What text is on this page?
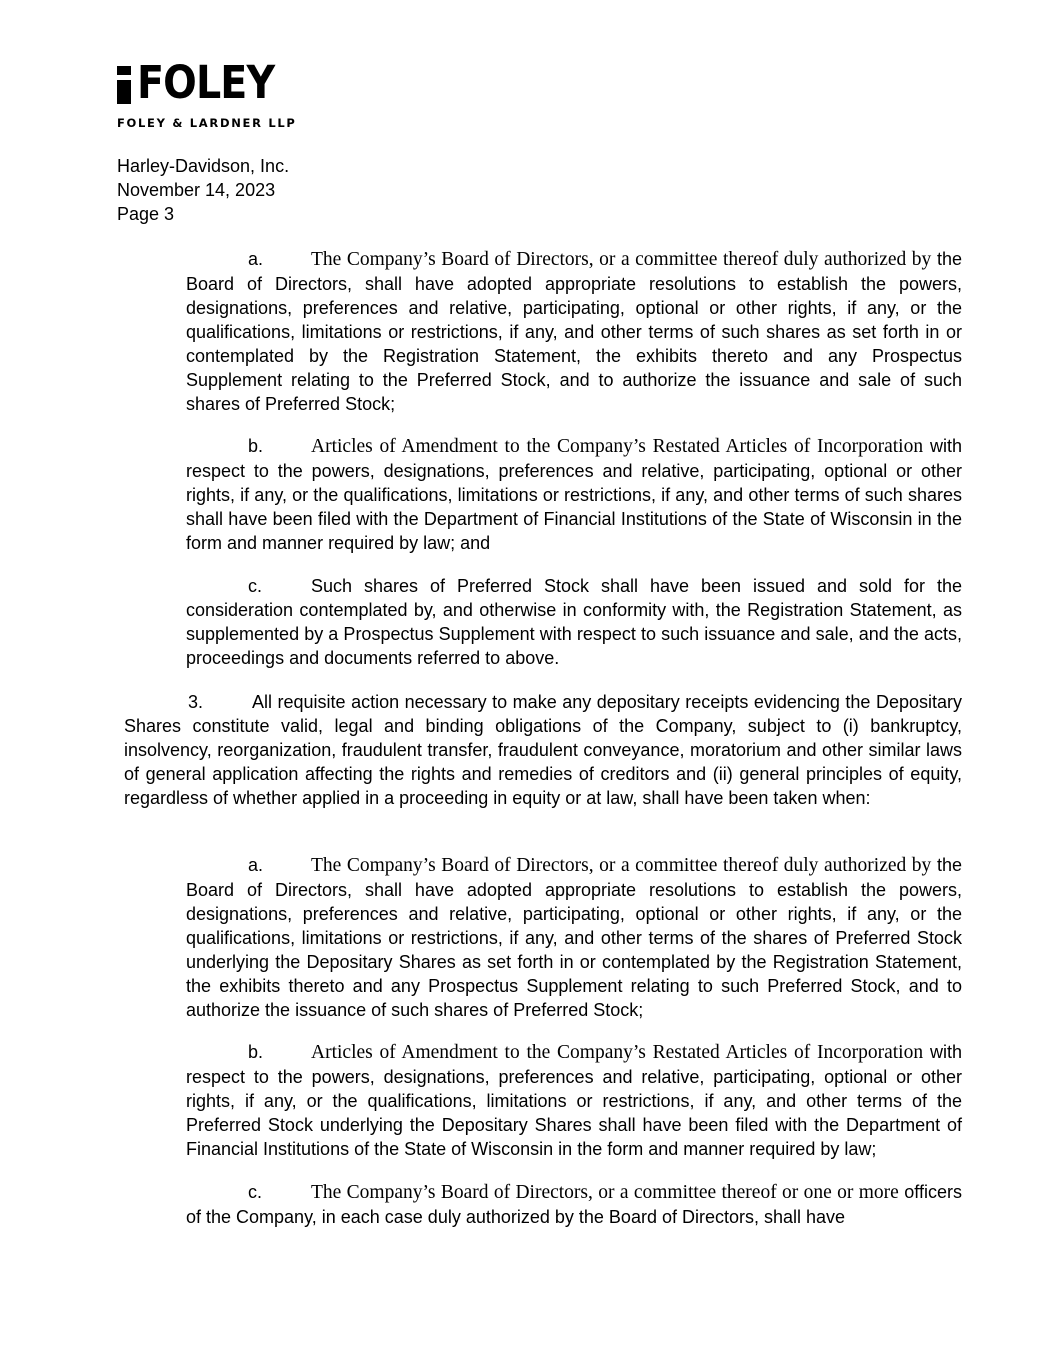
FOLEY
FOLEY & LARDNER LLP
Harley-Davidson, Inc.
November 14, 2023
Page 3
a. The Company’s Board of Directors, or a committee thereof duly authorized by the Board of Directors, shall have adopted appropriate resolutions to establish the powers, designations, preferences and relative, participating, optional or other rights, if any, or the qualifications, limitations or restrictions, if any, and other terms of such shares as set forth in or contemplated by the Registration Statement, the exhibits thereto and any Prospectus Supplement relating to the Preferred Stock, and to authorize the issuance and sale of such shares of Preferred Stock;
b. Articles of Amendment to the Company’s Restated Articles of Incorporation with respect to the powers, designations, preferences and relative, participating, optional or other rights, if any, or the qualifications, limitations or restrictions, if any, and other terms of such shares shall have been filed with the Department of Financial Institutions of the State of Wisconsin in the form and manner required by law; and
c.	Such shares of Preferred Stock shall have been issued and sold for the consideration contemplated by, and otherwise in conformity with, the Registration Statement, as supplemented by a Prospectus Supplement with respect to such issuance and sale, and the acts, proceedings and documents referred to above.
3.	All requisite action necessary to make any depositary receipts evidencing the Depositary Shares constitute valid, legal and binding obligations of the Company, subject to (i) bankruptcy, insolvency, reorganization, fraudulent transfer, fraudulent conveyance, moratorium and other similar laws of general application affecting the rights and remedies of creditors and (ii) general principles of equity, regardless of whether applied in a proceeding in equity or at law, shall have been taken when:
a. The Company’s Board of Directors, or a committee thereof duly authorized by the Board of Directors, shall have adopted appropriate resolutions to establish the powers, designations, preferences and relative, participating, optional or other rights, if any, or the qualifications, limitations or restrictions, if any, and other terms of the shares of Preferred Stock underlying the Depositary Shares as set forth in or contemplated by the Registration Statement, the exhibits thereto and any Prospectus Supplement relating to such Preferred Stock, and to authorize the issuance of such shares of Preferred Stock;
b. Articles of Amendment to the Company’s Restated Articles of Incorporation with respect to the powers, designations, preferences and relative, participating, optional or other rights, if any, or the qualifications, limitations or restrictions, if any, and other terms of the Preferred Stock underlying the Depositary Shares shall have been filed with the Department of Financial Institutions of the State of Wisconsin in the form and manner required by law;
c.	The Company’s Board of Directors, or a committee thereof or one or more officers of the Company, in each case duly authorized by the Board of Directors, shall have
